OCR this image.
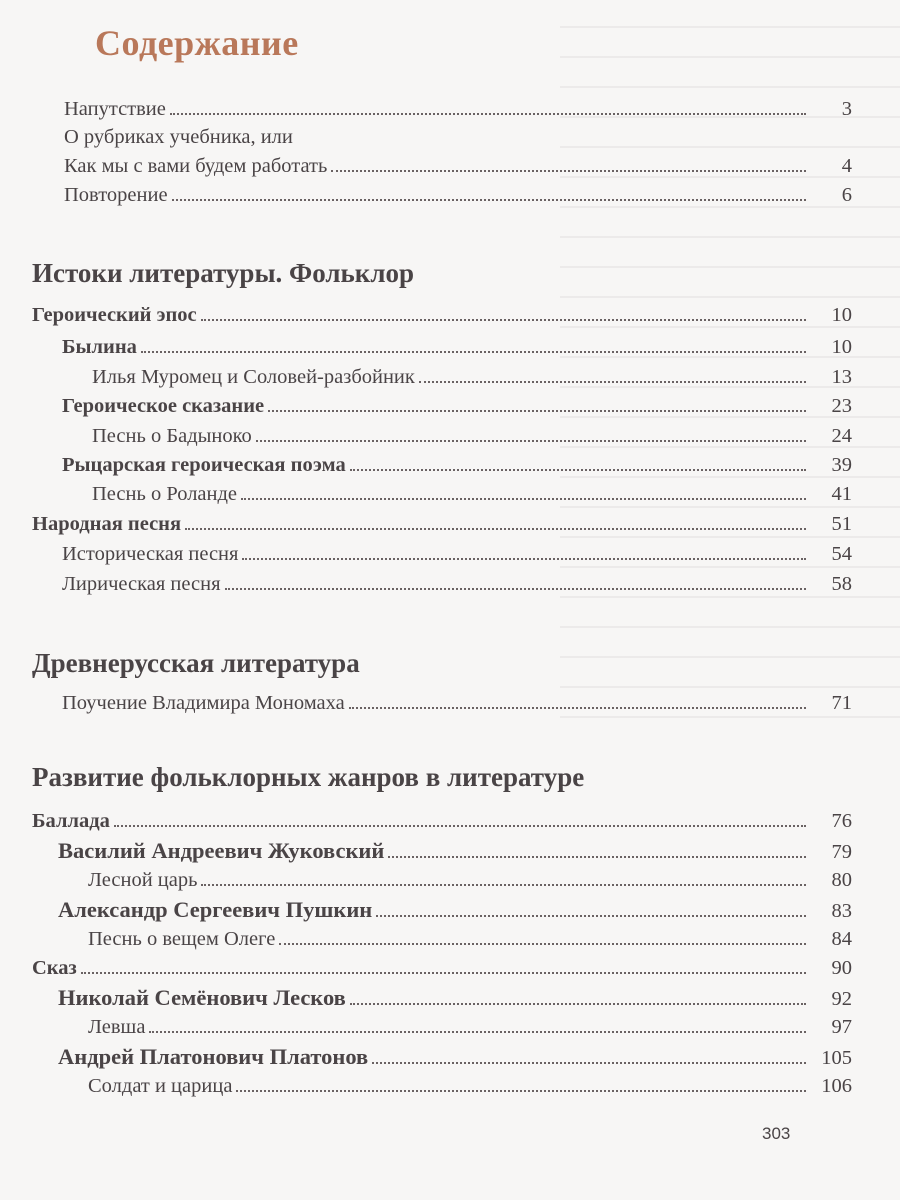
Содержание
Напутствие	3
О рубриках учебника, или
Как мы с вами будем работать	4
Повторение	6
Истоки литературы. Фольклор
Героический эпос	10
Былина	10
Илья Муромец и Соловей-разбойник	13
Героическое сказание	23
Песнь о Бадыноко	24
Рыцарская героическая поэма	39
Песнь о Роланде	41
Народная песня	51
Историческая песня	54
Лирическая песня	58
Древнерусская литература
Поучение Владимира Мономаха	71
Развитие фольклорных жанров в литературе
Баллада	76
Василий Андреевич Жуковский	79
Лесной царь	80
Александр Сергеевич Пушкин	83
Песнь о вещем Олеге	84
Сказ	90
Николай Семёнович Лесков	92
Левша	97
Андрей Платонович Платонов	105
Солдат и царица	106
303
